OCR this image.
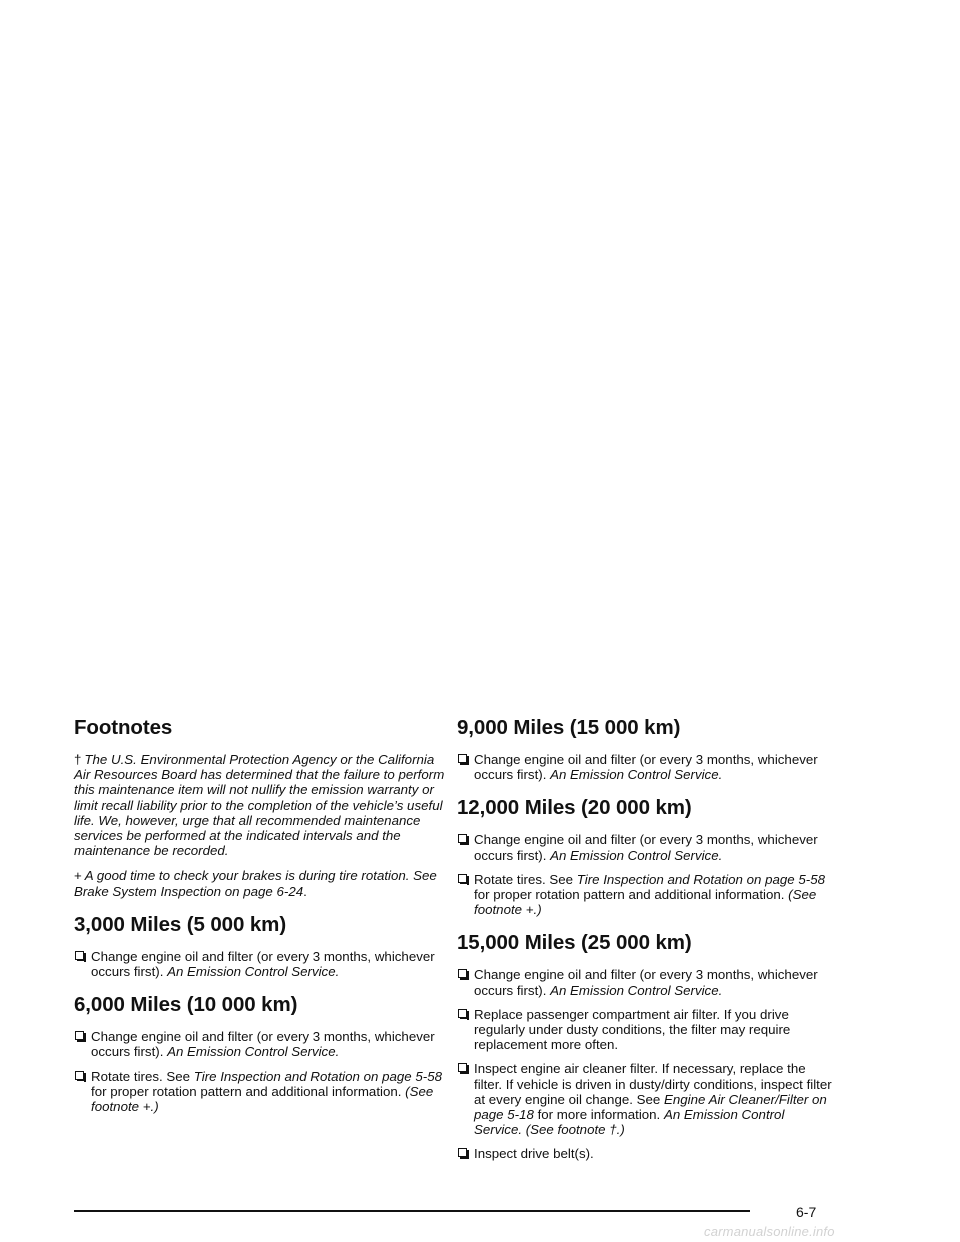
Footnotes

† The U.S. Environmental Protection Agency or the California Air Resources Board has determined that the failure to perform this maintenance item will not nullify the emission warranty or limit recall liability prior to the completion of the vehicle’s useful life. We, however, urge that all recommended maintenance services be performed at the indicated intervals and the maintenance be recorded.

+ A good time to check your brakes is during tire rotation. See Brake System Inspection on page 6-24.

3,000 Miles (5 000 km)
Change engine oil and filter (or every 3 months, whichever occurs first). An Emission Control Service.
6,000 Miles (10 000 km)
Change engine oil and filter (or every 3 months, whichever occurs first). An Emission Control Service.
Rotate tires. See Tire Inspection and Rotation on page 5-58 for proper rotation pattern and additional information. (See footnote +.)
9,000 Miles (15 000 km)
Change engine oil and filter (or every 3 months, whichever occurs first). An Emission Control Service.
12,000 Miles (20 000 km)
Change engine oil and filter (or every 3 months, whichever occurs first). An Emission Control Service.
Rotate tires. See Tire Inspection and Rotation on page 5-58 for proper rotation pattern and additional information. (See footnote +.)
15,000 Miles (25 000 km)
Change engine oil and filter (or every 3 months, whichever occurs first). An Emission Control Service.
Replace passenger compartment air filter. If you drive regularly under dusty conditions, the filter may require replacement more often.
Inspect engine air cleaner filter. If necessary, replace the filter. If vehicle is driven in dusty/dirty conditions, inspect filter at every engine oil change. See Engine Air Cleaner/Filter on page 5-18 for more information. An Emission Control Service. (See footnote †.)
Inspect drive belt(s).
6-7
carmanualsonline.info
